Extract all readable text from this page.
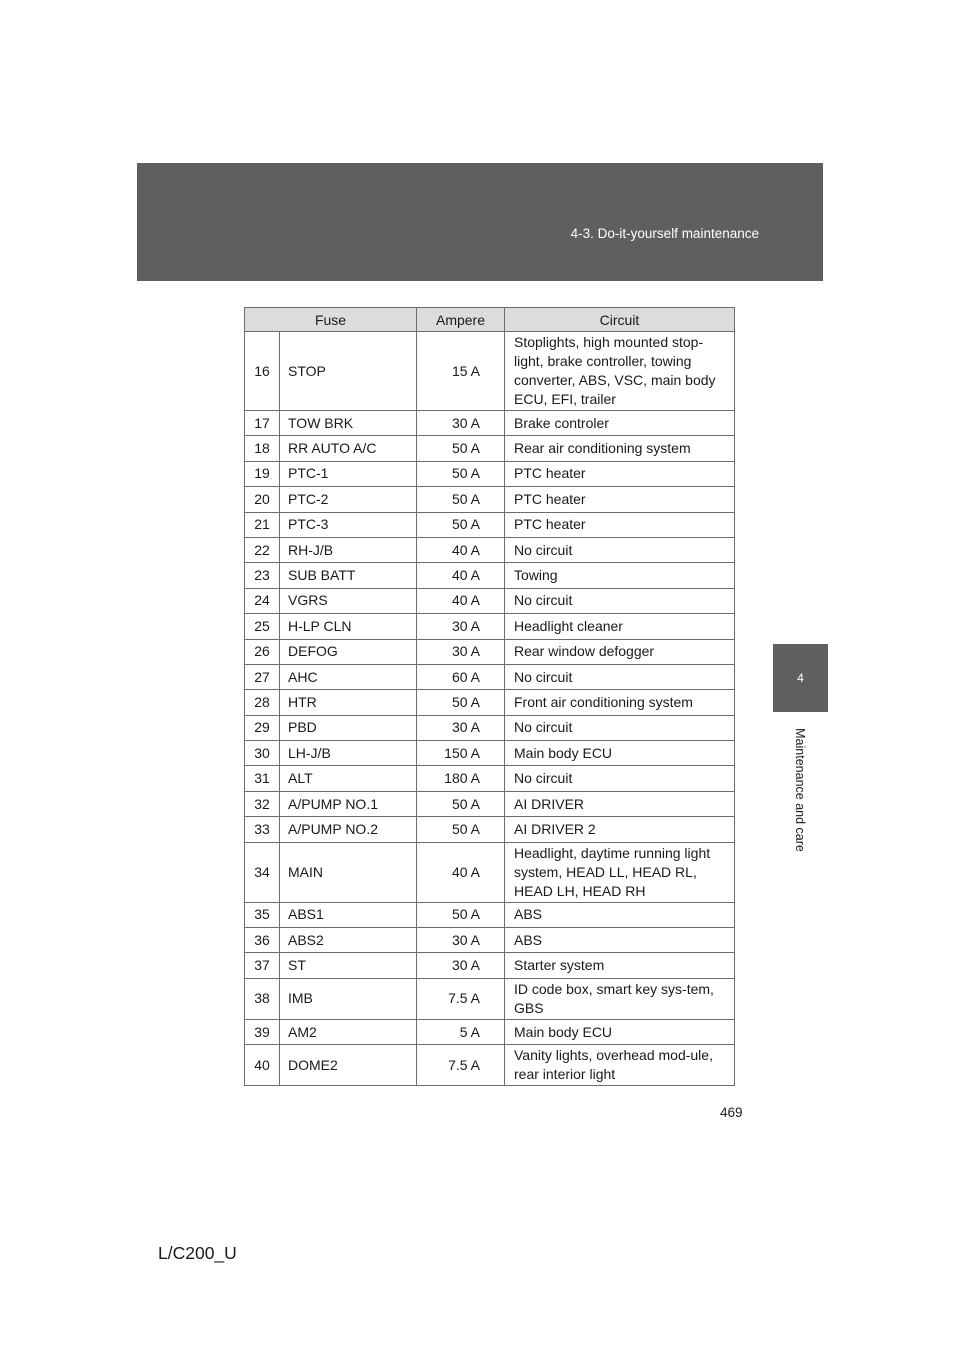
4-3. Do-it-yourself maintenance
4
Maintenance and care
Fuse		Ampere	Circuit
16	STOP	15 A	Stoplights, high mounted stop-light, brake controller, towing converter, ABS, VSC, main body ECU, EFI, trailer
17	TOW BRK	30 A	Brake controler
18	RR AUTO A/C	50 A	Rear air conditioning system
19	PTC-1	50 A	PTC heater
20	PTC-2	50 A	PTC heater
21	PTC-3	50 A	PTC heater
22	RH-J/B	40 A	No circuit
23	SUB BATT	40 A	Towing
24	VGRS	40 A	No circuit
25	H-LP CLN	30 A	Headlight cleaner
26	DEFOG	30 A	Rear window defogger
27	AHC	60 A	No circuit
28	HTR	50 A	Front air conditioning system
29	PBD	30 A	No circuit
30	LH-J/B	150 A	Main body ECU
31	ALT	180 A	No circuit
32	A/PUMP NO.1	50 A	AI DRIVER
33	A/PUMP NO.2	50 A	AI DRIVER 2
34	MAIN	40 A	Headlight, daytime running light system, HEAD LL, HEAD RL, HEAD LH, HEAD RH
35	ABS1	50 A	ABS
36	ABS2	30 A	ABS
37	ST	30 A	Starter system
38	IMB	7.5 A	ID code box, smart key sys-tem, GBS
39	AM2	5 A	Main body ECU
40	DOME2	7.5 A	Vanity lights, overhead mod-ule, rear interior light
469
L/C200_U
